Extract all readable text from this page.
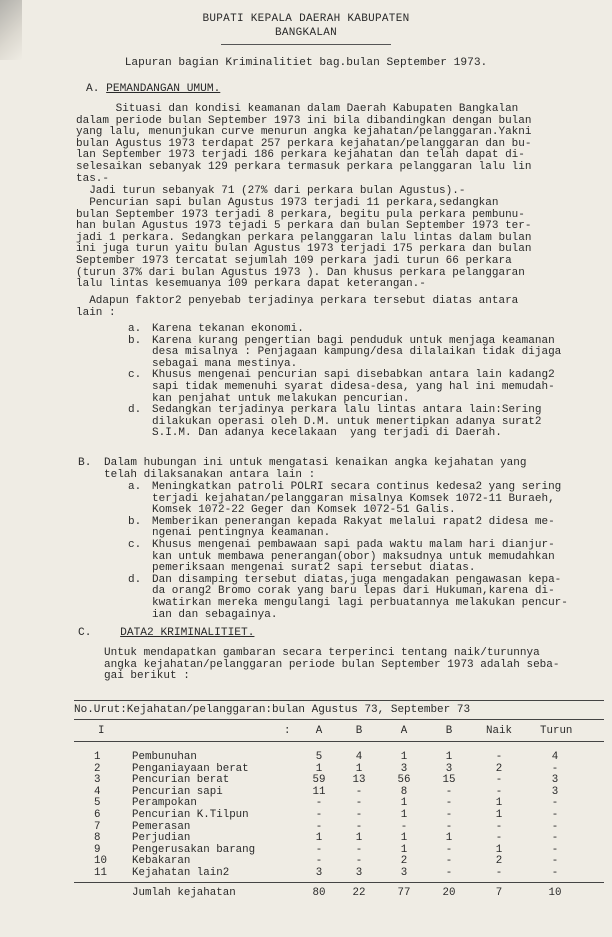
BUPATI KEPALA DAERAH KABUPATEN
BANGKALAN
Lapuran bagian Kriminalitiet bag.bulan September 1973.
A. PEMANDANGAN UMUM.
Situasi dan kondisi keamanan dalam Daerah Kabupaten Bangkalan
dalam periode bulan September 1973 ini bila dibandingkan dengan bulan
yang lalu, menunjukan curve menurun angka kejahatan/pelanggaran.Yakni
bulan Agustus 1973 terdapat 257 perkara kejahatan/pelanggaran dan bu-
lan September 1973 terjadi 186 perkara kejahatan dan telah dapat di-
selesaikan sebanyak 129 perkara termasuk perkara pelanggaran lalu lin
tas.-
Jadi turun sebanyak 71 (27% dari perkara bulan Agustus).-
Pencurian sapi bulan Agustus 1973 terjadi 11 perkara,sedangkan
bulan September 1973 terjadi 8 perkara, begitu pula perkara pembunu-
han bulan Agustus 1973 tejadi 5 perkara dan bulan September 1973 ter-
jadi 1 perkara. Sedangkan perkara pelanggaran lalu lintas dalam bulan
ini juga turun yaitu bulan Agustus 1973 terjadi 175 perkara dan bulan
September 1973 tercatat sejumlah 109 perkara jadi turun 66 perkara
(turun 37% dari bulan Agustus 1973 ). Dan khusus perkara pelanggaran
lalu lintas kesemuanya 109 perkara dapat keterangan.-
Adapun faktor2 penyebab terjadinya perkara tersebut diatas antara
lain :
a. Karena tekanan ekonomi.
b. Karena kurang pengertian bagi penduduk untuk menjaga keamanan
desa misalnya : Penjagaan kampung/desa dilalaikan tidak dijaga
sebagai mana mestinya.
c. Khusus mengenai pencurian sapi disebabkan antara lain kadang2
sapi tidak memenuhi syarat didesa-desa, yang hal ini memudah-
kan penjahat untuk melakukan pencurian.
d. Sedangkan terjadinya perkara lalu lintas antara lain:Sering
dilakukan operasi oleh D.M. untuk menertipkan adanya surat2
S.I.M. Dan adanya kecelakaan  yang terjadi di Daerah.
B. Dalam hubungan ini untuk mengatasi kenaikan angka kejahatan yang
telah dilaksanakan antara lain :
a. Meningkatkan patroli POLRI secara continus kedesa2 yang sering
terjadi kejahatan/pelanggaran misalnya Komsek 1072-11 Buraeh,
Komsek 1072-22 Geger dan Komsek 1072-51 Galis.
b. Memberikan penerangan kepada Rakyat melalui rapat2 didesa me-
ngenai pentingnya keamanan.
c. Khusus mengenai pembawaan sapi pada waktu malam hari dianjur-
kan untuk membawa penerangan(obor) maksudnya untuk memudahkan
pemeriksaan mengenai surat2 sapi tersebut diatas.
d. Dan disamping tersebut diatas,juga mengadakan pengawasan kepa-
da orang2 Bromo corak yang baru lepas dari Hukuman,karena di-
kwatirkan mereka mengulangi lagi perbuatannya melakukan pencur-
ian dan sebagainya.
C.	DATA2 KRIMINALITIET.
Untuk mendapatkan gambaran secara terperinci tentang naik/turunnya
angka kejahatan/pelanggaran periode bulan September 1973 adalah seba-
gai berikut :
No.Urut:Kejahatan/pelanggaran:bulan Agustus 73, September 73
I	:	A	B	A	B	Naik	Turun
1	Pembunuhan	5	4	1	1	-	4
2	Penganiayaan berat	1	1	3	3	2	-
3	Pencurian berat	59	13	56	15	-	3
4	Pencurian sapi	11	-	8	-	-	3
5	Perampokan	-	-	1	-	1	-
6	Pencurian K.Tilpun	-	-	1	-	1	-
7	Pemerasan	-	-	-	-	-	-
8	Perjudian	1	1	1	1	-	-
9	Pengerusakan barang	-	-	1	-	1	-
10 Kebakaran	-	-	2	-	2	-
11 Kejahatan lain2	3	3	3	-	-	-
Jumlah kejahatan	80	22	77	20	7	10
